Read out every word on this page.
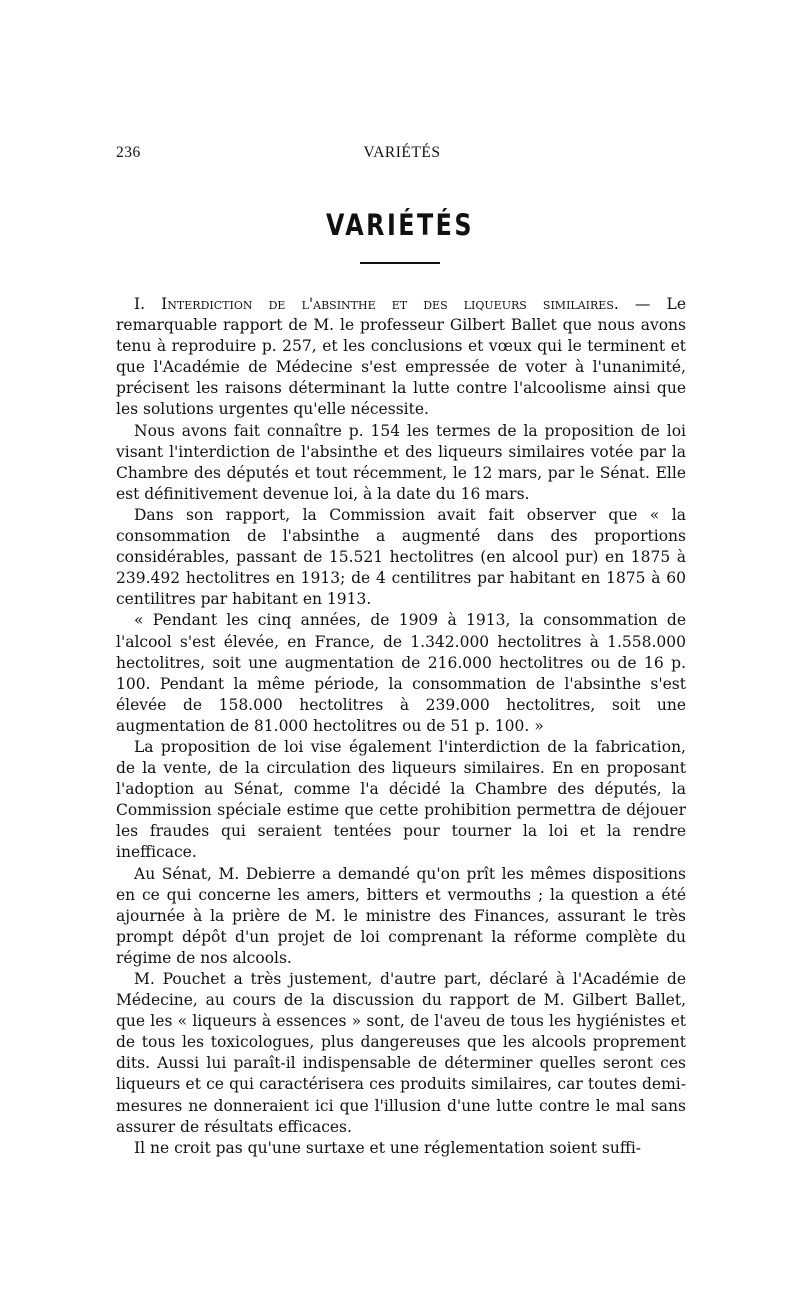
236	VARIÉTÉS
VARIÉTÉS

I. Interdiction de l'absinthe et des liqueurs similaires. — Le remarquable rapport de M. le professeur Gilbert Ballet que nous avons tenu à reproduire p. 257, et les conclusions et vœux qui le terminent et que l'Académie de Médecine s'est empressée de voter à l'unanimité, précisent les raisons déterminant la lutte contre l'alcoolisme ainsi que les solutions urgentes qu'elle nécessite.

Nous avons fait connaître p. 154 les termes de la proposition de loi visant l'interdiction de l'absinthe et des liqueurs similaires votée par la Chambre des députés et tout récemment, le 12 mars, par le Sénat. Elle est définitivement devenue loi, à la date du 16 mars.

Dans son rapport, la Commission avait fait observer que « la consommation de l'absinthe a augmenté dans des proportions considérables, passant de 15.521 hectolitres (en alcool pur) en 1875 à 239.492 hectolitres en 1913; de 4 centilitres par habitant en 1875 à 60 centilitres par habitant en 1913.

« Pendant les cinq années, de 1909 à 1913, la consommation de l'alcool s'est élevée, en France, de 1.342.000 hectolitres à 1.558.000 hectolitres, soit une augmentation de 216.000 hectolitres ou de 16 p. 100. Pendant la même période, la consommation de l'absinthe s'est élevée de 158.000 hectolitres à 239.000 hectolitres, soit une augmentation de 81.000 hectolitres ou de 51 p. 100. »

La proposition de loi vise également l'interdiction de la fabrication, de la vente, de la circulation des liqueurs similaires. En en proposant l'adoption au Sénat, comme l'a décidé la Chambre des députés, la Commission spéciale estime que cette prohibition permettra de déjouer les fraudes qui seraient tentées pour tourner la loi et la rendre inefficace.

Au Sénat, M. Debierre a demandé qu'on prît les mêmes dispositions en ce qui concerne les amers, bitters et vermouths ; la question a été ajournée à la prière de M. le ministre des Finances, assurant le très prompt dépôt d'un projet de loi comprenant la réforme complète du régime de nos alcools.

M. Pouchet a très justement, d'autre part, déclaré à l'Académie de Médecine, au cours de la discussion du rapport de M. Gilbert Ballet, que les « liqueurs à essences » sont, de l'aveu de tous les hygiénistes et de tous les toxicologues, plus dangereuses que les alcools proprement dits. Aussi lui paraît-il indispensable de déterminer quelles seront ces liqueurs et ce qui caractérisera ces produits similaires, car toutes demi-mesures ne donneraient ici que l'illusion d'une lutte contre le mal sans assurer de résultats efficaces.

Il ne croit pas qu'une surtaxe et une réglementation soient suffi-
